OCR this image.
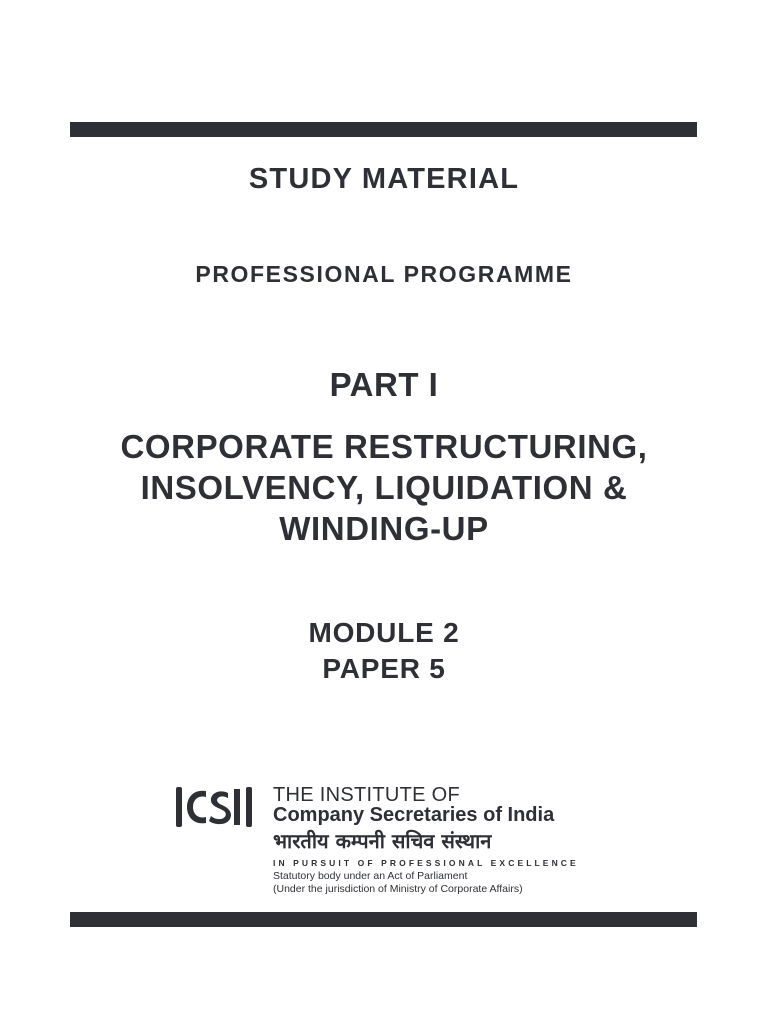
STUDY MATERIAL
PROFESSIONAL PROGRAMME
PART I
CORPORATE RESTRUCTURING,
INSOLVENCY, LIQUIDATION &
WINDING-UP
MODULE 2
PAPER 5
THE INSTITUTE OF
Company Secretaries of India
भारतीय कम्पनी सचिव संस्थान
IN PURSUIT OF PROFESSIONAL EXCELLENCE
Statutory body under an Act of Parliament
(Under the jurisdiction of Ministry of Corporate Affairs)
